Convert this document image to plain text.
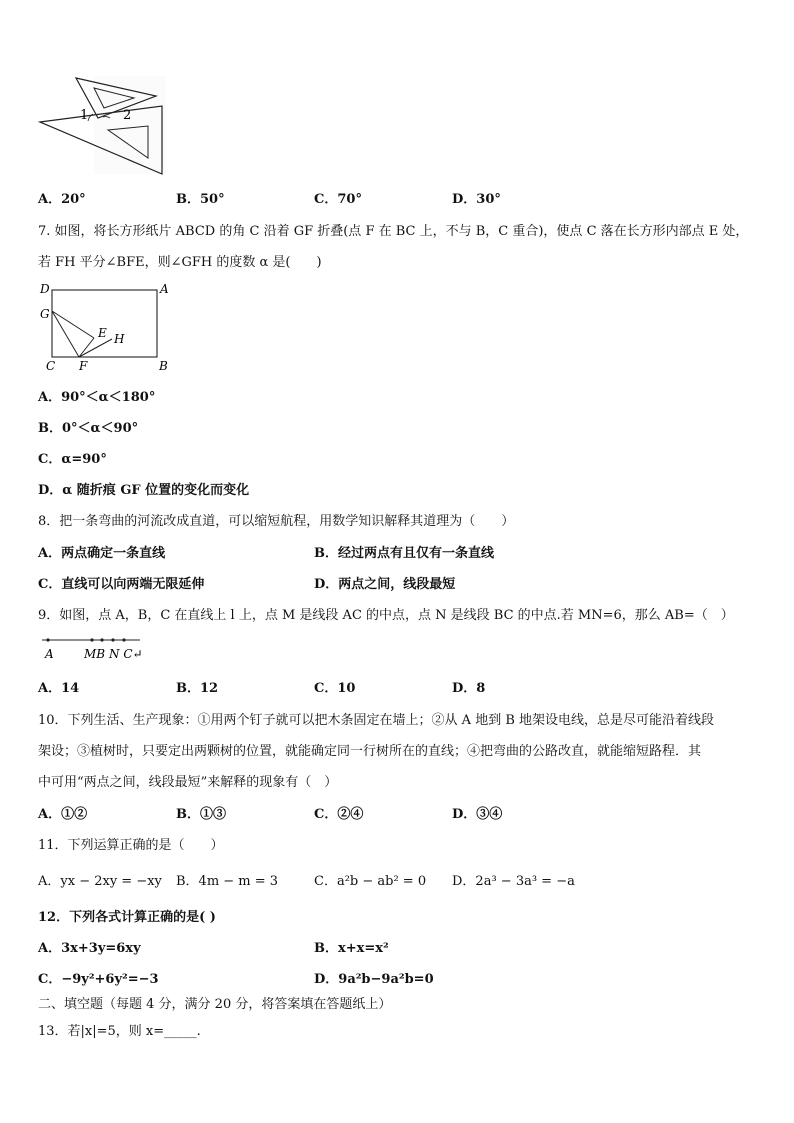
1	2
A．20°	B．50°	C．70°	D．30°
7. 如图，将长方形纸片 ABCD 的角 C 沿着 GF 折叠(点 F 在 BC 上，不与 B，C 重合)，使点 C 落在长方形内部点 E 处，
若 FH 平分∠BFE，则∠GFH 的度数 α 是(　　)
D	A
G
E H
C F	B
A．90°＜α＜180°
B．0°＜α＜90°
C．α=90°
D．α 随折痕 GF 位置的变化而变化
8．把一条弯曲的河流改成直道，可以缩短航程，用数学知识解释其道理为（　　）
A．两点确定一条直线	B．经过两点有且仅有一条直线
C．直线可以向两端无限延伸	D．两点之间，线段最短
9．如图，点 A，B，C 在直线上 l 上，点 M 是线段 AC 的中点，点 N 是线段 BC 的中点.若 MN=6，那么 AB=（　）
A	MB N C↵
A．14	B．12	C．10	D．8
10．下列生活、生产现象：①用两个钉子就可以把木条固定在墙上；②从 A 地到 B 地架设电线，总是尽可能沿着线段
架设；③植树时，只要定出两颗树的位置，就能确定同一行树所在的直线；④把弯曲的公路改直，就能缩短路程．其
中可用“两点之间，线段最短”来解释的现象有（　）
A．①②	B．①③	C．②④	D．③④
11．下列运算正确的是（　　）
A．yx − 2xy = −xy B．4m − m = 3	C．a²b − ab² = 0 D．2a³ − 3a³ = −a
12．下列各式计算正确的是( )
A．3x+3y=6xy	B．x+x=x²
C．−9y²+6y²=−3	D．9a²b−9a²b=0
二、填空题（每题 4 分，满分 20 分，将答案填在答题纸上）
13．若|x|=5，则 x=_____.
